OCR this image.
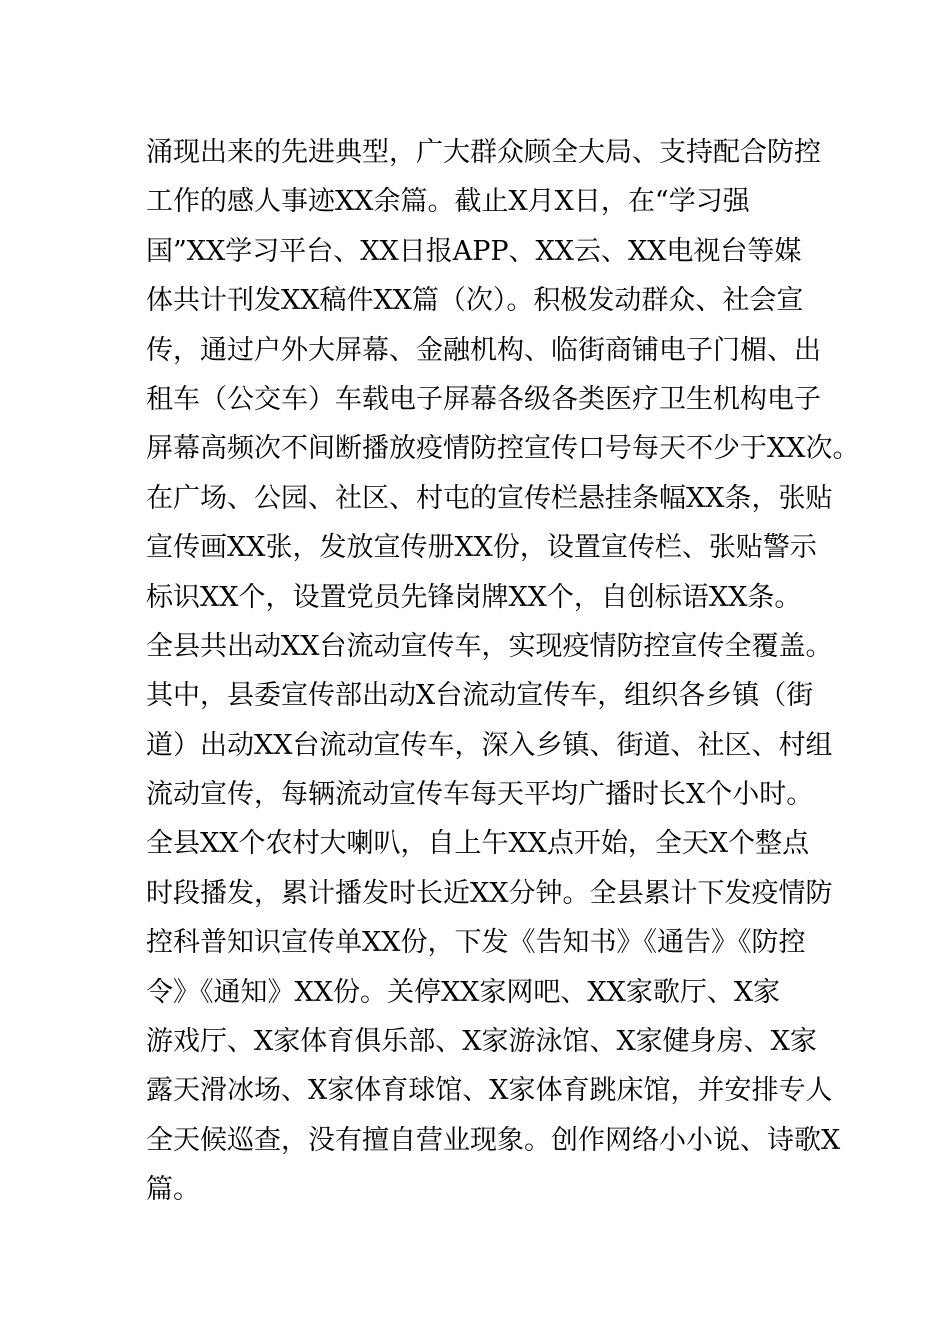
涌现出来的先进典型，广大群众顾全大局、支持配合防控
工作的感人事迹XX余篇。截止X月X日，在“学习强
国”XX学习平台、XX日报APP、XX云、XX电视台等媒
体共计刊发XX稿件XX篇（次）。积极发动群众、社会宣
传，通过户外大屏幕、金融机构、临街商铺电子门楣、出
租车（公交车）车载电子屏幕各级各类医疗卫生机构电子
屏幕高频次不间断播放疫情防控宣传口号每天不少于XX次。
在广场、公园、社区、村屯的宣传栏悬挂条幅XX条，张贴
宣传画XX张，发放宣传册XX份，设置宣传栏、张贴警示
标识XX个，设置党员先锋岗牌XX个，自创标语XX条。
全县共出动XX台流动宣传车，实现疫情防控宣传全覆盖。
其中，县委宣传部出动X台流动宣传车，组织各乡镇（街
道）出动XX台流动宣传车，深入乡镇、街道、社区、村组
流动宣传，每辆流动宣传车每天平均广播时长X个小时。
全县XX个农村大喇叭，自上午XX点开始，全天X个整点
时段播发，累计播发时长近XX分钟。全县累计下发疫情防
控科普知识宣传单XX份，下发《告知书》《通告》《防控
令》《通知》XX份。关停XX家网吧、XX家歌厅、X家
游戏厅、X家体育俱乐部、X家游泳馆、X家健身房、X家
露天滑冰场、X家体育球馆、X家体育跳床馆，并安排专人
全天候巡查，没有擅自营业现象。创作网络小小说、诗歌X
篇。
